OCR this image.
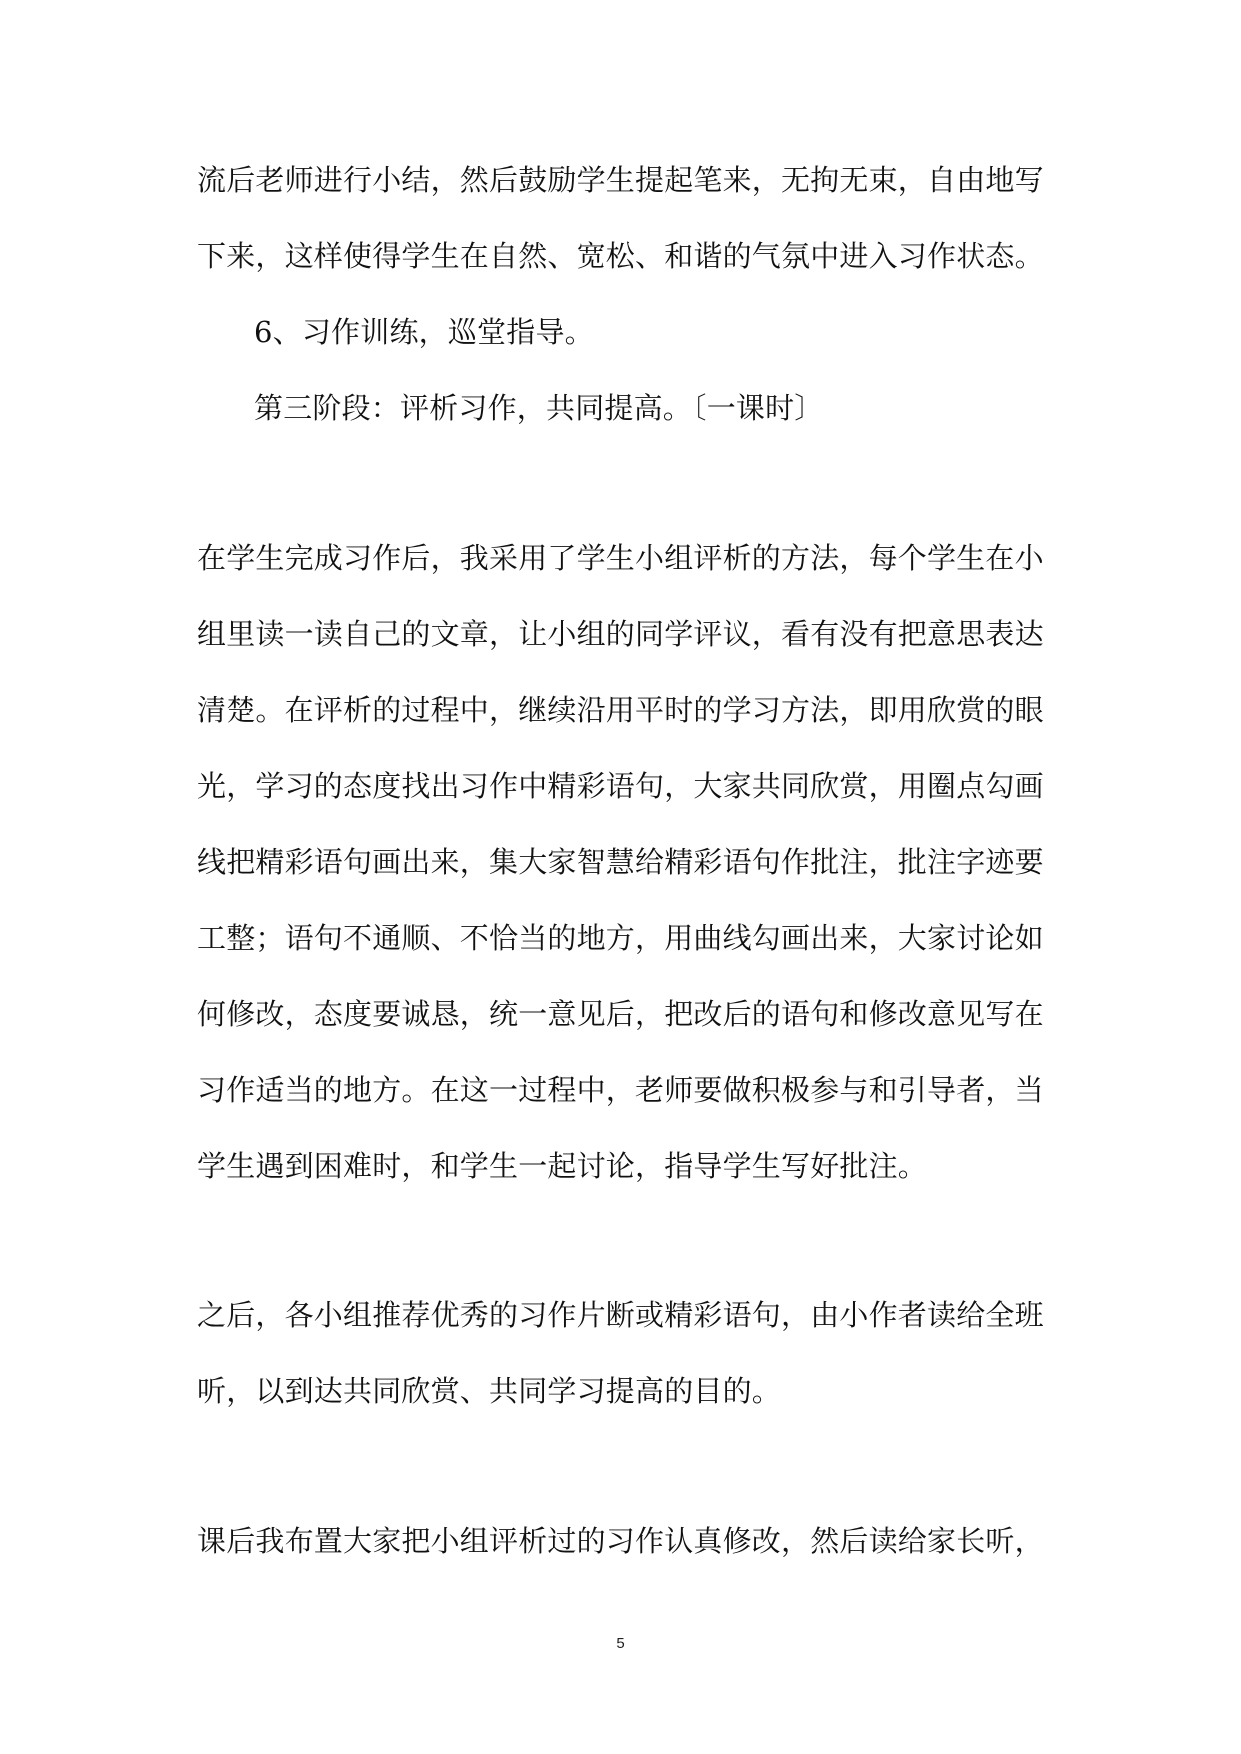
流后老师进行小结，然后鼓励学生提起笔来，无拘无束，自由地写
下来，这样使得学生在自然、宽松、和谐的气氛中进入习作状态。
6、习作训练，巡堂指导。
第三阶段：评析习作，共同提高。〔一课时〕
在学生完成习作后，我采用了学生小组评析的方法，每个学生在小
组里读一读自己的文章，让小组的同学评议，看有没有把意思表达
清楚。在评析的过程中，继续沿用平时的学习方法，即用欣赏的眼
光，学习的态度找出习作中精彩语句，大家共同欣赏，用圈点勾画
线把精彩语句画出来，集大家智慧给精彩语句作批注，批注字迹要
工整；语句不通顺、不恰当的地方，用曲线勾画出来，大家讨论如
何修改，态度要诚恳，统一意见后，把改后的语句和修改意见写在
习作适当的地方。在这一过程中，老师要做积极参与和引导者，当
学生遇到困难时，和学生一起讨论，指导学生写好批注。
之后，各小组推荐优秀的习作片断或精彩语句，由小作者读给全班
听，以到达共同欣赏、共同学习提高的目的。
课后我布置大家把小组评析过的习作认真修改，然后读给家长听，
5
